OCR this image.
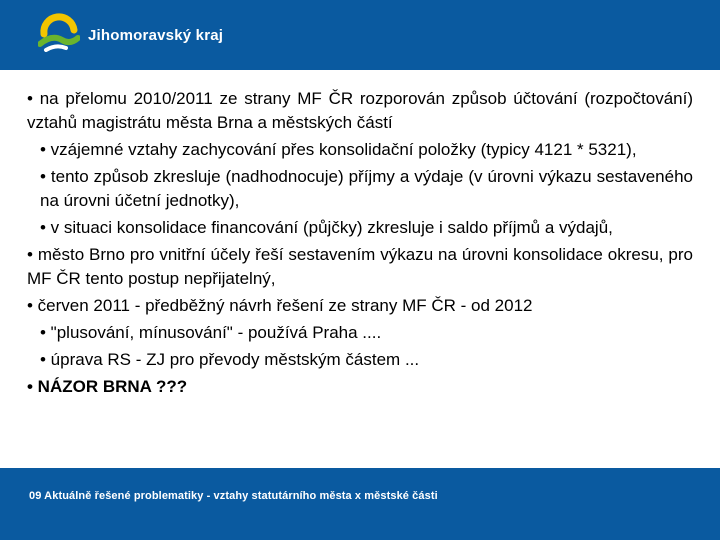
Jihomoravský kraj

• na přelomu 2010/2011 ze strany MF ČR rozporován způsob účtování (rozpočtování) vztahů magistrátu města Brna a městských částí

• vzájemné vztahy zachycování přes konsolidační položky (typicy 4121 * 5321),

• tento způsob zkresluje (nadhodnocuje) příjmy a výdaje (v úrovni výkazu sestaveného na úrovni účetní jednotky),

• v situaci konsolidace financování (půjčky) zkresluje i saldo příjmů a výdajů,

• město Brno pro vnitřní účely řeší sestavením výkazu na úrovni konsolidace okresu, pro MF ČR tento postup nepřijatelný,

• červen 2011 - předběžný návrh řešení ze strany MF ČR - od 2012

• "plusování, mínusování" - používá Praha ....

• úprava RS - ZJ pro převody městským částem ...

• NÁZOR BRNA ???

09 Aktuálně řešené problematiky - vztahy statutárního města x městské části
